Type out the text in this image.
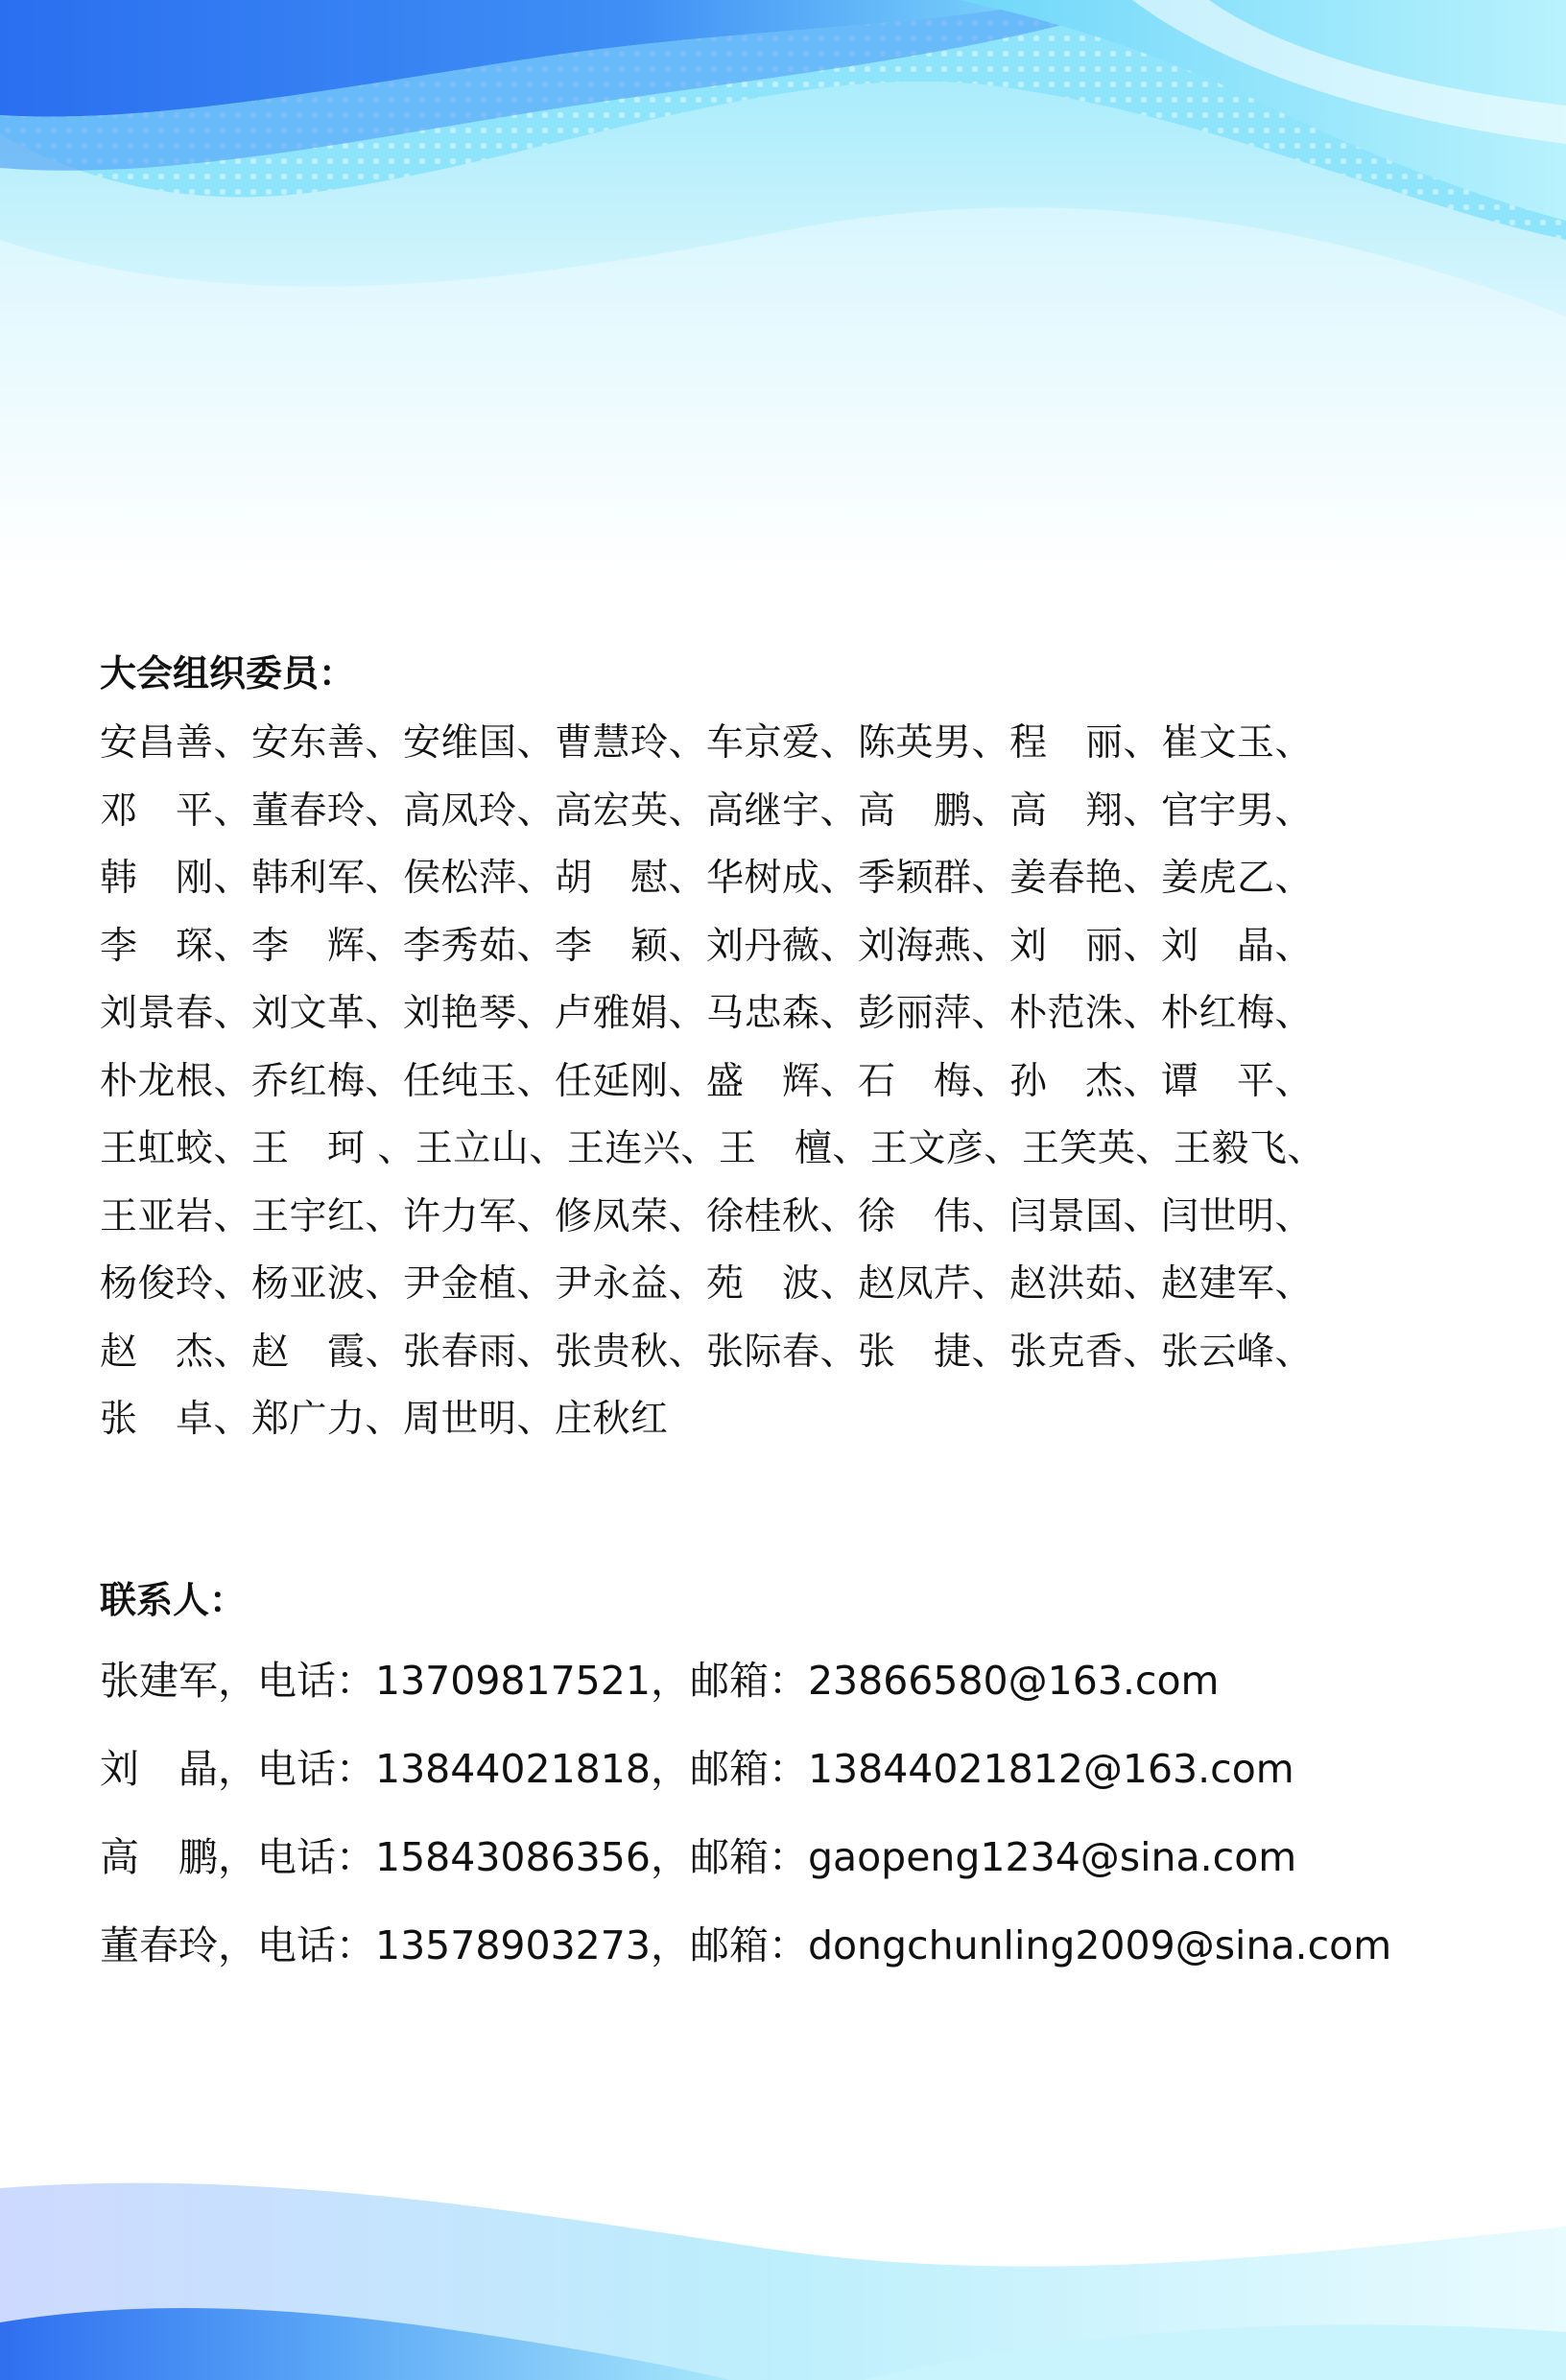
大会组织委员：
安昌善、安东善、安维国、曹慧玲、车京爱、陈英男、程　丽、崔文玉、
邓　平、董春玲、高凤玲、高宏英、高继宇、高　鹏、高　翔、官宇男、
韩　刚、韩利军、侯松萍、胡　慰、华树成、季颖群、姜春艳、姜虎乙、
李　琛、李　辉、李秀茹、李　颖、刘丹薇、刘海燕、刘　丽、刘　晶、
刘景春、刘文革、刘艳琴、卢雅娟、马忠森、彭丽萍、朴范洙、朴红梅、
朴龙根、乔红梅、任纯玉、任延刚、盛　辉、石　梅、孙　杰、谭　平、
王虹蛟、王　珂 、王立山、王连兴、王　檀、王文彦、王笑英、王毅飞、
王亚岩、王宇红、许力军、修凤荣、徐桂秋、徐　伟、闫景国、闫世明、
杨俊玲、杨亚波、尹金植、尹永益、苑　波、赵凤芹、赵洪茹、赵建军、
赵　杰、赵　霞、张春雨、张贵秋、张际春、张　捷、张克香、张云峰、
张　卓、郑广力、周世明、庄秋红
联系人：
张建军，电话：13709817521，邮箱：23866580@163.com
刘　晶，电话：13844021818，邮箱：13844021812@163.com
高　鹏，电话：15843086356，邮箱：gaopeng1234@sina.com
董春玲，电话：13578903273，邮箱：dongchunling2009@sina.com
